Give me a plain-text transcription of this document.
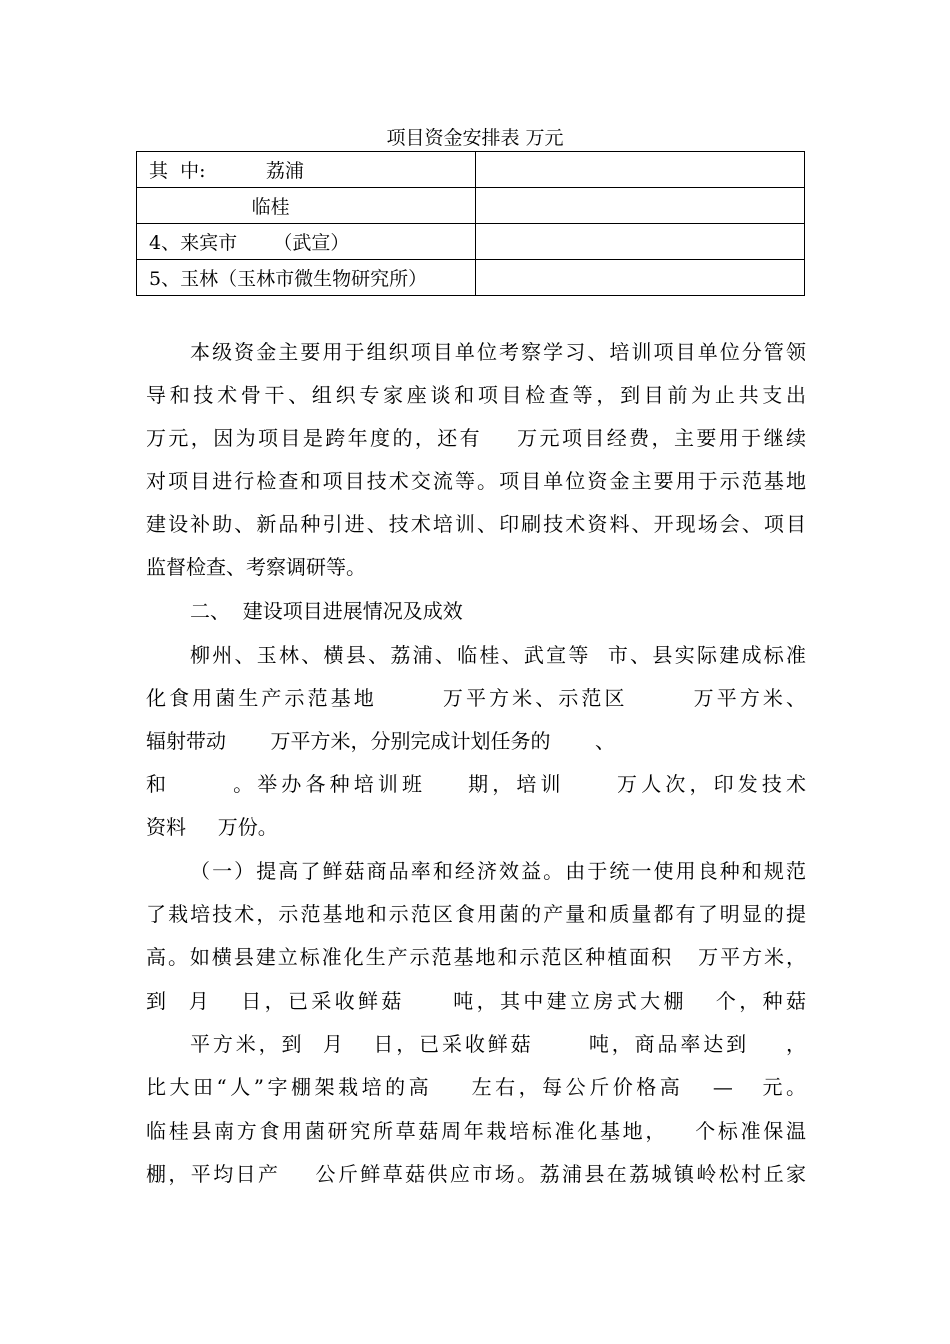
项目资金安排表 万元
其  中:          荔浦	
临桂	
4、来宾市      （武宣）	
5、玉林（玉林市微生物研究所）	
本级资金主要用于组织项目单位考察学习、培训项目单位分管领
导和技术骨干、组织专家座谈和项目检查等，到目前为止共支出
万元，因为项目是跨年度的，还有    万元项目经费，主要用于继续
对项目进行检查和项目技术交流等。项目单位资金主要用于示范基地
建设补助、新品种引进、技术培训、印刷技术资料、开现场会、项目
监督检查、考察调研等。
二、  建设项目进展情况及成效
柳州、玉林、横县、荔浦、临桂、武宣等  市、县实际建成标准
化食用菌生产示范基地       万平方米、示范区       万平方米、
辐射带动       万平方米，分别完成计划任务的       、
和      。举办各种培训班    期，培训     万人次，印发技术
资料     万份。
（一）提高了鲜菇商品率和经济效益。由于统一使用良种和规范
了栽培技术，示范基地和示范区食用菌的产量和质量都有了明显的提
高。如横县建立标准化生产示范基地和示范区种植面积   万平方米，
到  月   日，已采收鲜菇     吨，其中建立房式大棚   个，种菇
平方米，到  月   日，已采收鲜菇      吨，商品率达到    ，
比大田“人”字棚架栽培的高    左右，每公斤价格高   —   元。
临桂县南方食用菌研究所草菇周年栽培标准化基地，   个标准保温
棚，平均日产    公斤鲜草菇供应市场。荔浦县在荔城镇岭松村丘家
